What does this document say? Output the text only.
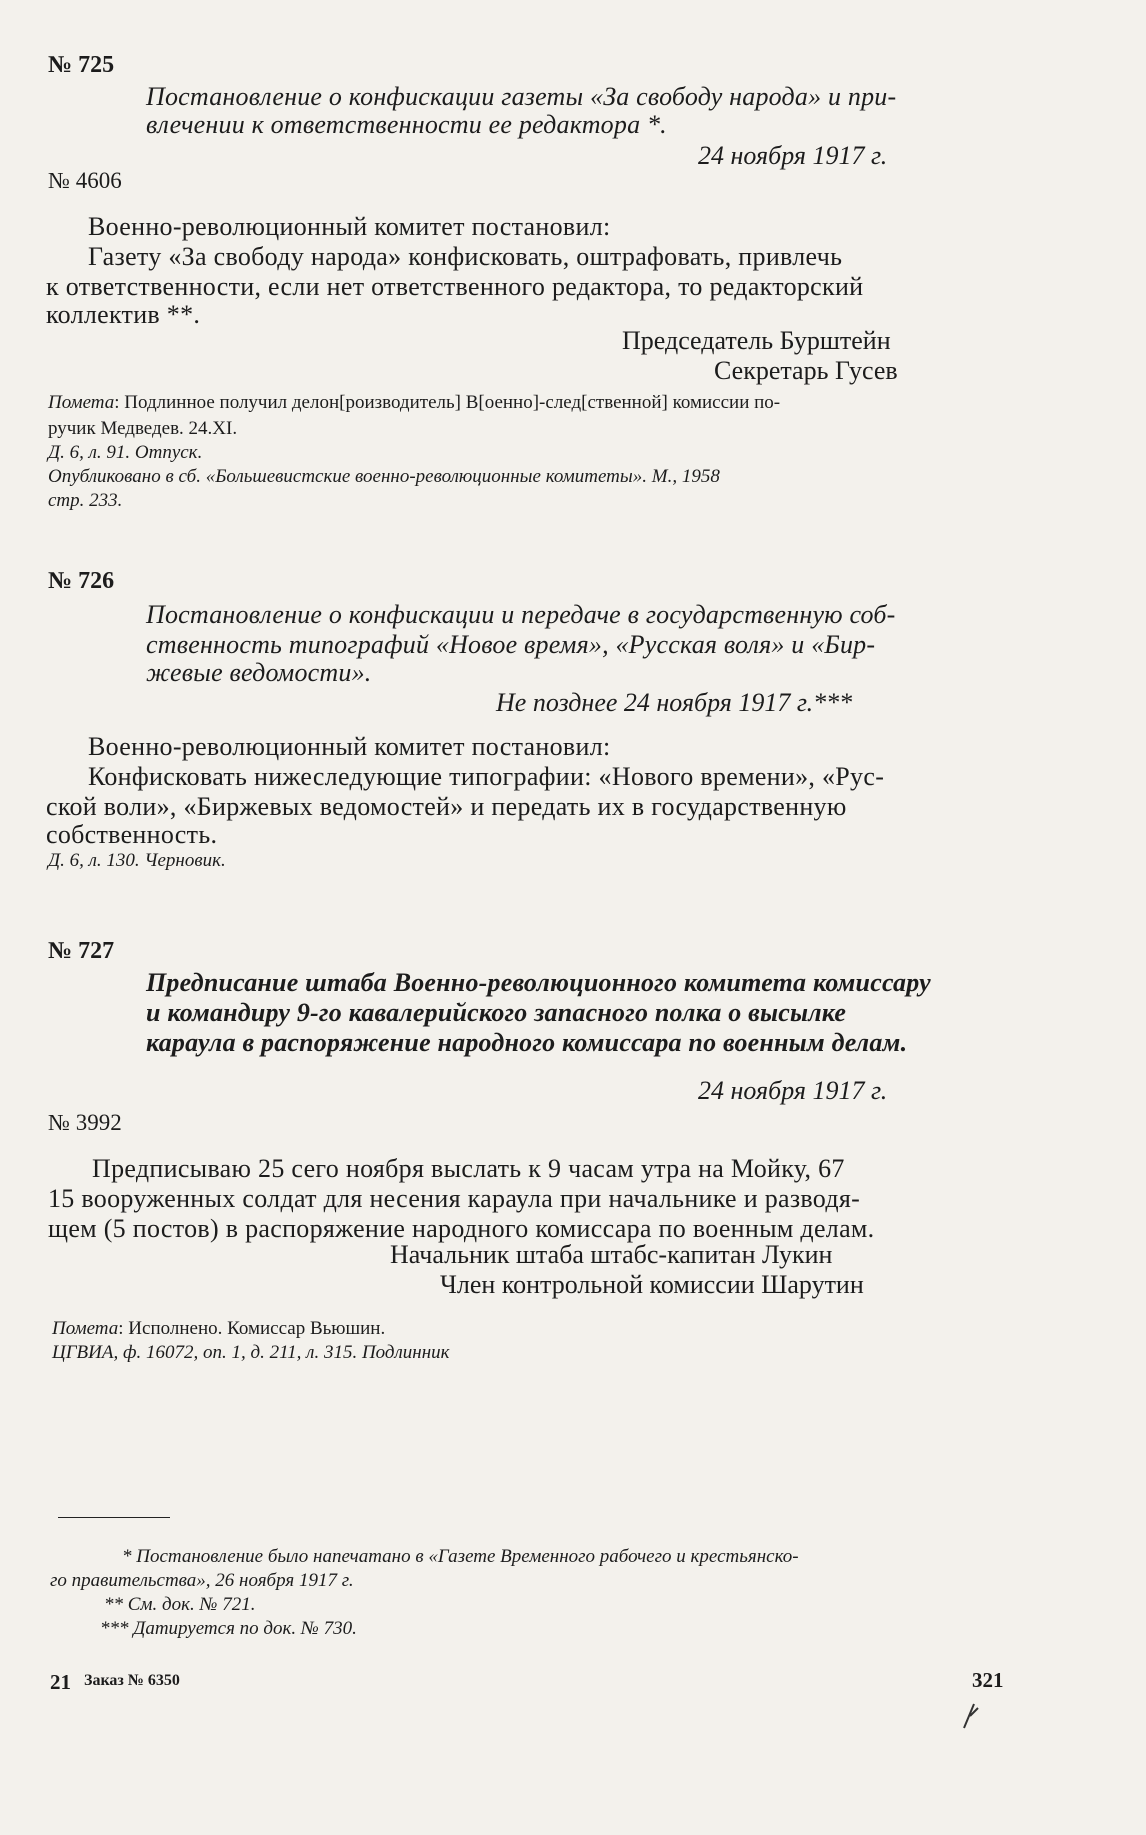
№ 725
Постановление о конфискации газеты «За свободу народа» и при-
влечении к ответственности ее редактора *.
24 ноября 1917 г.
№ 4606
Военно-революционный комитет постановил:
Газету «За свободу народа» конфисковать, оштрафовать, привлечь
к ответственности, если нет ответственного редактора, то редакторский
коллектив **.
Председатель Бурштейн
Секретарь Гусев
Помета: Подлинное получил делон[роизводитель] В[оенно]-след[ственной] комиссии по-
ручик Медведев. 24.XI.
Д. 6, л. 91. Отпуск.
Опубликовано в сб. «Большевистские военно-революционные комитеты». М., 1958
стр. 233.
№ 726
Постановление о конфискации и передаче в государственную соб-
ственность типографий «Новое время», «Русская воля» и «Бир-
жевые ведомости».
Не позднее 24 ноября 1917 г.***
Военно-революционный комитет постановил:
Конфисковать нижеследующие типографии: «Нового времени», «Рус-
ской воли», «Биржевых ведомостей» и передать их в государственную
собственность.
Д. 6, л. 130. Черновик.
№ 727
Предписание штаба Военно-революционного комитета комиссару
и командиру 9-го кавалерийского запасного полка о высылке
караула в распоряжение народного комиссара по военным делам.
24 ноября 1917 г.
№ 3992
Предписываю 25 сего ноября выслать к 9 часам утра на Мойку, 67
15 вооруженных солдат для несения караула при начальнике и разводя-
щем (5 постов) в распоряжение народного комиссара по военным делам.
Начальник штаба штабс-капитан Лукин
Член контрольной комиссии Шарутин
Помета: Исполнено. Комиссар Вьюшин.
ЦГВИА, ф. 16072, оп. 1, д. 211, л. 315. Подлинник
* Постановление было напечатано в «Газете Временного рабочего и крестьянско-
го правительства», 26 ноября 1917 г.
** См. док. № 721.
*** Датируется по док. № 730.
21 Заказ № 6350	321
